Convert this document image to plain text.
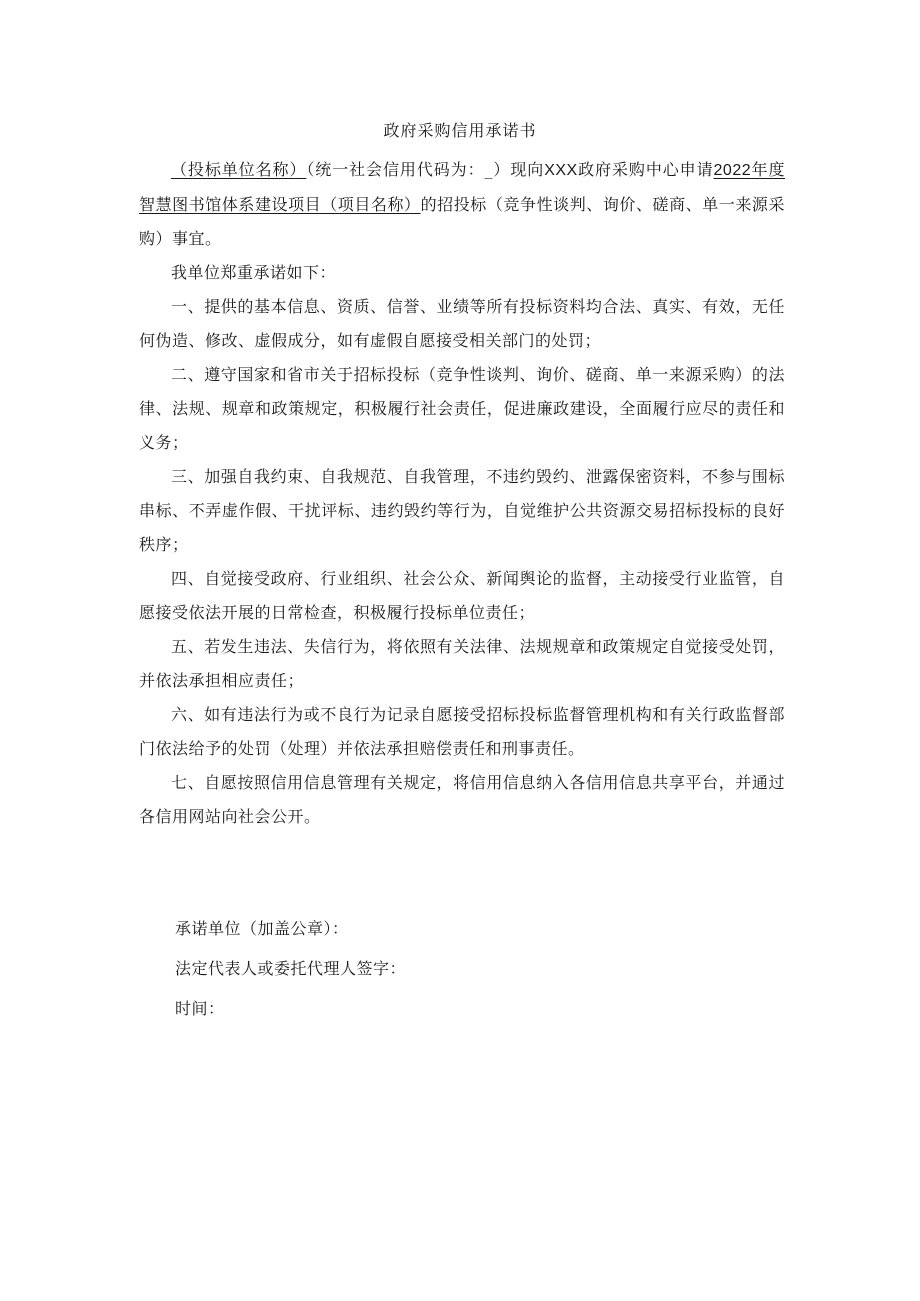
政府采购信用承诺书

（投标单位名称）（统一社会信用代码为：_）现向XXX政府采购中心申请2022年度智慧图书馆体系建设项目（项目名称）的招投标（竞争性谈判、询价、磋商、单一来源采购）事宜。

我单位郑重承诺如下：

一、提供的基本信息、资质、信誉、业绩等所有投标资料均合法、真实、有效，无任何伪造、修改、虚假成分，如有虚假自愿接受相关部门的处罚；

二、遵守国家和省市关于招标投标（竞争性谈判、询价、磋商、单一来源采购）的法律、法规、规章和政策规定，积极履行社会责任，促进廉政建设，全面履行应尽的责任和义务；

三、加强自我约束、自我规范、自我管理，不违约毁约、泄露保密资料，不参与围标串标、不弄虚作假、干扰评标、违约毁约等行为，自觉维护公共资源交易招标投标的良好秩序；

四、自觉接受政府、行业组织、社会公众、新闻舆论的监督，主动接受行业监管，自愿接受依法开展的日常检查，积极履行投标单位责任；

五、若发生违法、失信行为，将依照有关法律、法规规章和政策规定自觉接受处罚，并依法承担相应责任；

六、如有违法行为或不良行为记录自愿接受招标投标监督管理机构和有关行政监督部门依法给予的处罚（处理）并依法承担赔偿责任和刑事责任。

七、自愿按照信用信息管理有关规定，将信用信息纳入各信用信息共享平台，并通过各信用网站向社会公开。

承诺单位（加盖公章）：

法定代表人或委托代理人签字：

时间：
